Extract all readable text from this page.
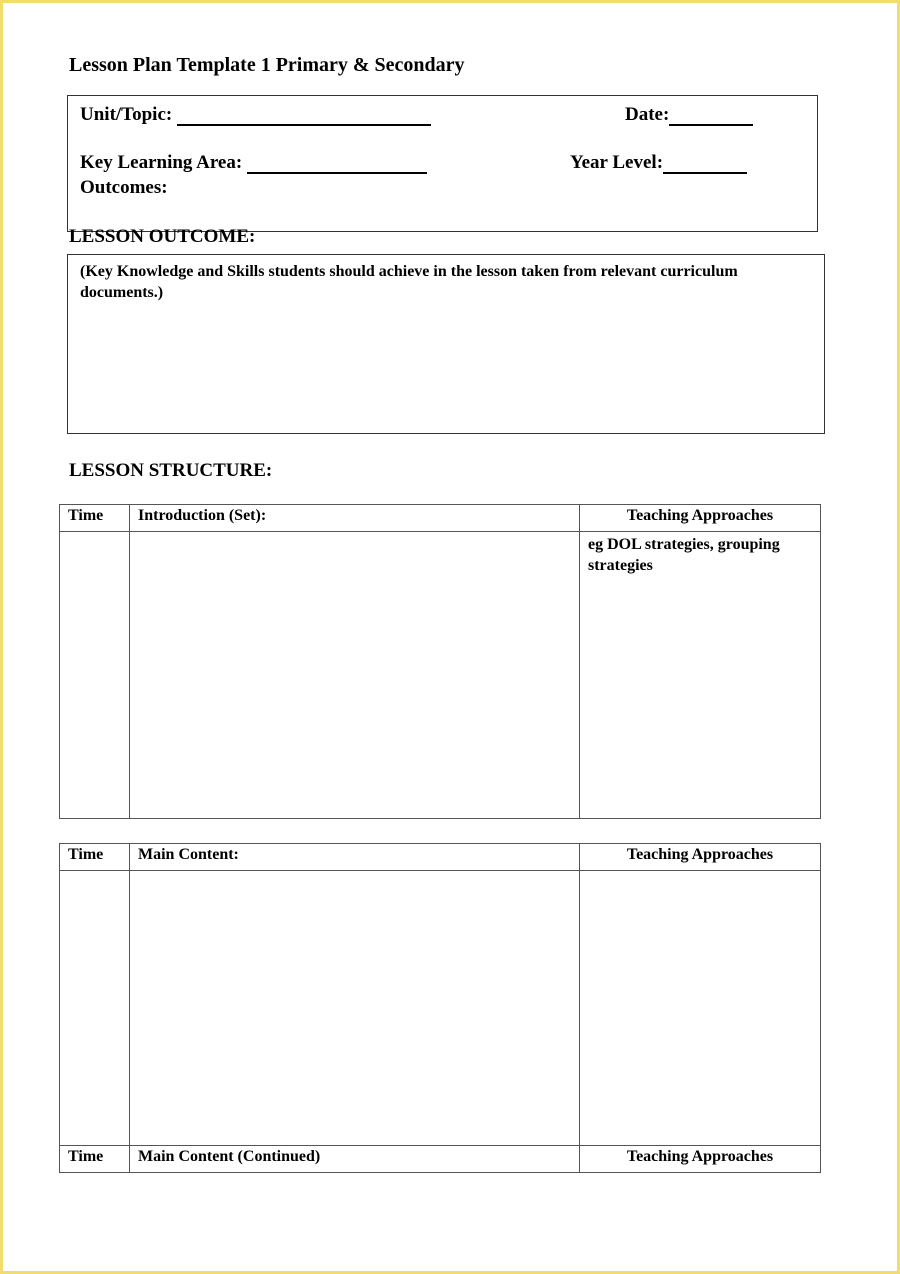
Lesson Plan Template 1 Primary & Secondary
Unit/Topic:	Date:
Key Learning Area:	Year Level:
Outcomes:
LESSON OUTCOME:
(Key Knowledge and Skills students should achieve in the lesson taken from relevant curriculum documents.)
LESSON STRUCTURE:
Time	Introduction (Set):	Teaching Approaches

		eg DOL strategies, grouping strategies
Time	Main Content:	Teaching Approaches

Time	Main Content (Continued)	Teaching Approaches
